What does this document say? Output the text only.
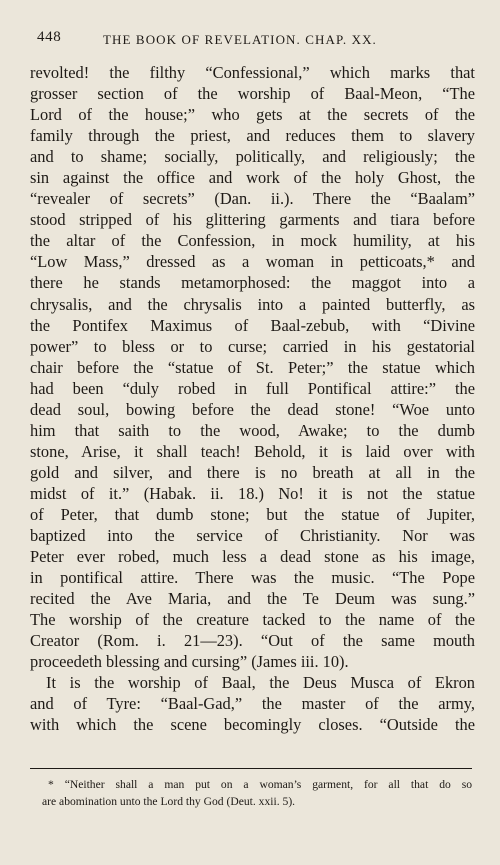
448	THE BOOK OF REVELATION. CHAP. XX.
revolted! the filthy “Confessional,” which marks that
grosser section of the worship of Baal-Meon, “The
Lord of the house;” who gets at the secrets of the
family through the priest, and reduces them to slavery
and to shame; socially, politically, and religiously; the
sin against the office and work of the holy Ghost, the
“revealer of secrets” (Dan. ii.). There the “Baalam”
stood stripped of his glittering garments and tiara before
the altar of the Confession, in mock humility, at his
“Low Mass,” dressed as a woman in petticoats,* and
there he stands metamorphosed: the maggot into a
chrysalis, and the chrysalis into a painted butterfly, as
the Pontifex Maximus of Baal-zebub, with “Divine
power” to bless or to curse; carried in his gestatorial
chair before the “statue of St. Peter;” the statue which
had been “duly robed in full Pontifical attire:” the
dead soul, bowing before the dead stone! “Woe unto
him that saith to the wood, Awake; to the dumb
stone, Arise, it shall teach! Behold, it is laid over with
gold and silver, and there is no breath at all in the
midst of it.” (Habak. ii. 18.) No! it is not the statue
of Peter, that dumb stone; but the statue of Jupiter,
baptized into the service of Christianity. Nor was
Peter ever robed, much less a dead stone as his image,
in pontifical attire. There was the music. “The Pope
recited the Ave Maria, and the Te Deum was sung.”
The worship of the creature tacked to the name of the
Creator (Rom. i. 21—23). “Out of the same mouth
proceedeth blessing and cursing” (James iii. 10).
It is the worship of Baal, the Deus Musca of Ekron
and of Tyre: “Baal-Gad,” the master of the army,
with which the scene becomingly closes. “Outside the
* “Neither shall a man put on a woman’s garment, for all that do so
are abomination unto the Lord thy God (Deut. xxii. 5).
